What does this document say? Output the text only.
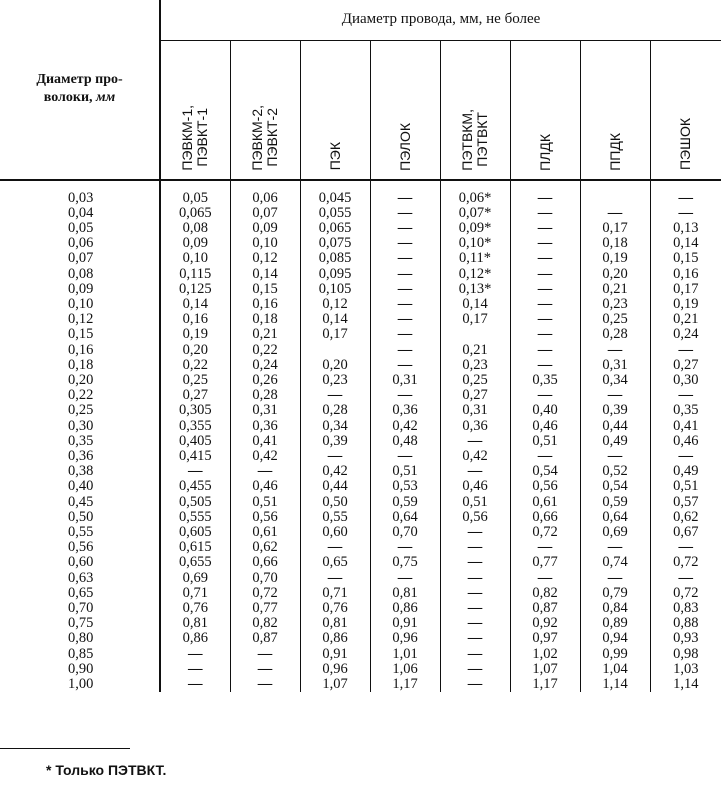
Диаметр про-
волоки, мм	Диаметр провода, мм, не более							

	ПЭВКМ-1,
ПЭВКТ-1	ПЭВКМ-2,
ПЭВКТ-2	ПЭК	ПЭЛОК	ПЭТВКМ,
ПЭТВКТ	ПЛДК	ППДК	ПЭШОК

0,03	0,05	0,06	0,045	—	0,06*	—		—
0,04	0,065	0,07	0,055	—	0,07*	—	—	—
0,05	0,08	0,09	0,065	—	0,09*	—	0,17	0,13
0,06	0,09	0,10	0,075	—	0,10*	—	0,18	0,14
0,07	0,10	0,12	0,085	—	0,11*	—	0,19	0,15
0,08	0,115	0,14	0,095	—	0,12*	—	0,20	0,16
0,09	0,125	0,15	0,105	—	0,13*	—	0,21	0,17
0,10	0,14	0,16	0,12	—	0,14	—	0,23	0,19
0,12	0,16	0,18	0,14	—	0,17	—	0,25	0,21
0,15	0,19	0,21	0,17	—		—	0,28	0,24
0,16	0,20	0,22		—	0,21	—	—	—
0,18	0,22	0,24	0,20	—	0,23	—	0,31	0,27
0,20	0,25	0,26	0,23	0,31	0,25	0,35	0,34	0,30
0,22	0,27	0,28	—	—	0,27	—	—	—
0,25	0,305	0,31	0,28	0,36	0,31	0,40	0,39	0,35
0,30	0,355	0,36	0,34	0,42	0,36	0,46	0,44	0,41
0,35	0,405	0,41	0,39	0,48	—	0,51	0,49	0,46
0,36	0,415	0,42	—	—	0,42	—	—	—
0,38	—	—	0,42	0,51	—	0,54	0,52	0,49
0,40	0,455	0,46	0,44	0,53	0,46	0,56	0,54	0,51
0,45	0,505	0,51	0,50	0,59	0,51	0,61	0,59	0,57
0,50	0,555	0,56	0,55	0,64	0,56	0,66	0,64	0,62
0,55	0,605	0,61	0,60	0,70	—	0,72	0,69	0,67
0,56	0,615	0,62	—	—	—	—	—	—
0,60	0,655	0,66	0,65	0,75	—	0,77	0,74	0,72
0,63	0,69	0,70	—	—	—	—	—	—
0,65	0,71	0,72	0,71	0,81	—	0,82	0,79	0,72
0,70	0,76	0,77	0,76	0,86	—	0,87	0,84	0,83
0,75	0,81	0,82	0,81	0,91	—	0,92	0,89	0,88
0,80	0,86	0,87	0,86	0,96	—	0,97	0,94	0,93
0,85	—	—	0,91	1,01	—	1,02	0,99	0,98
0,90	—	—	0,96	1,06	—	1,07	1,04	1,03
1,00	—	—	1,07	1,17	—	1,17	1,14	1,14
* Только ПЭТВКТ.
